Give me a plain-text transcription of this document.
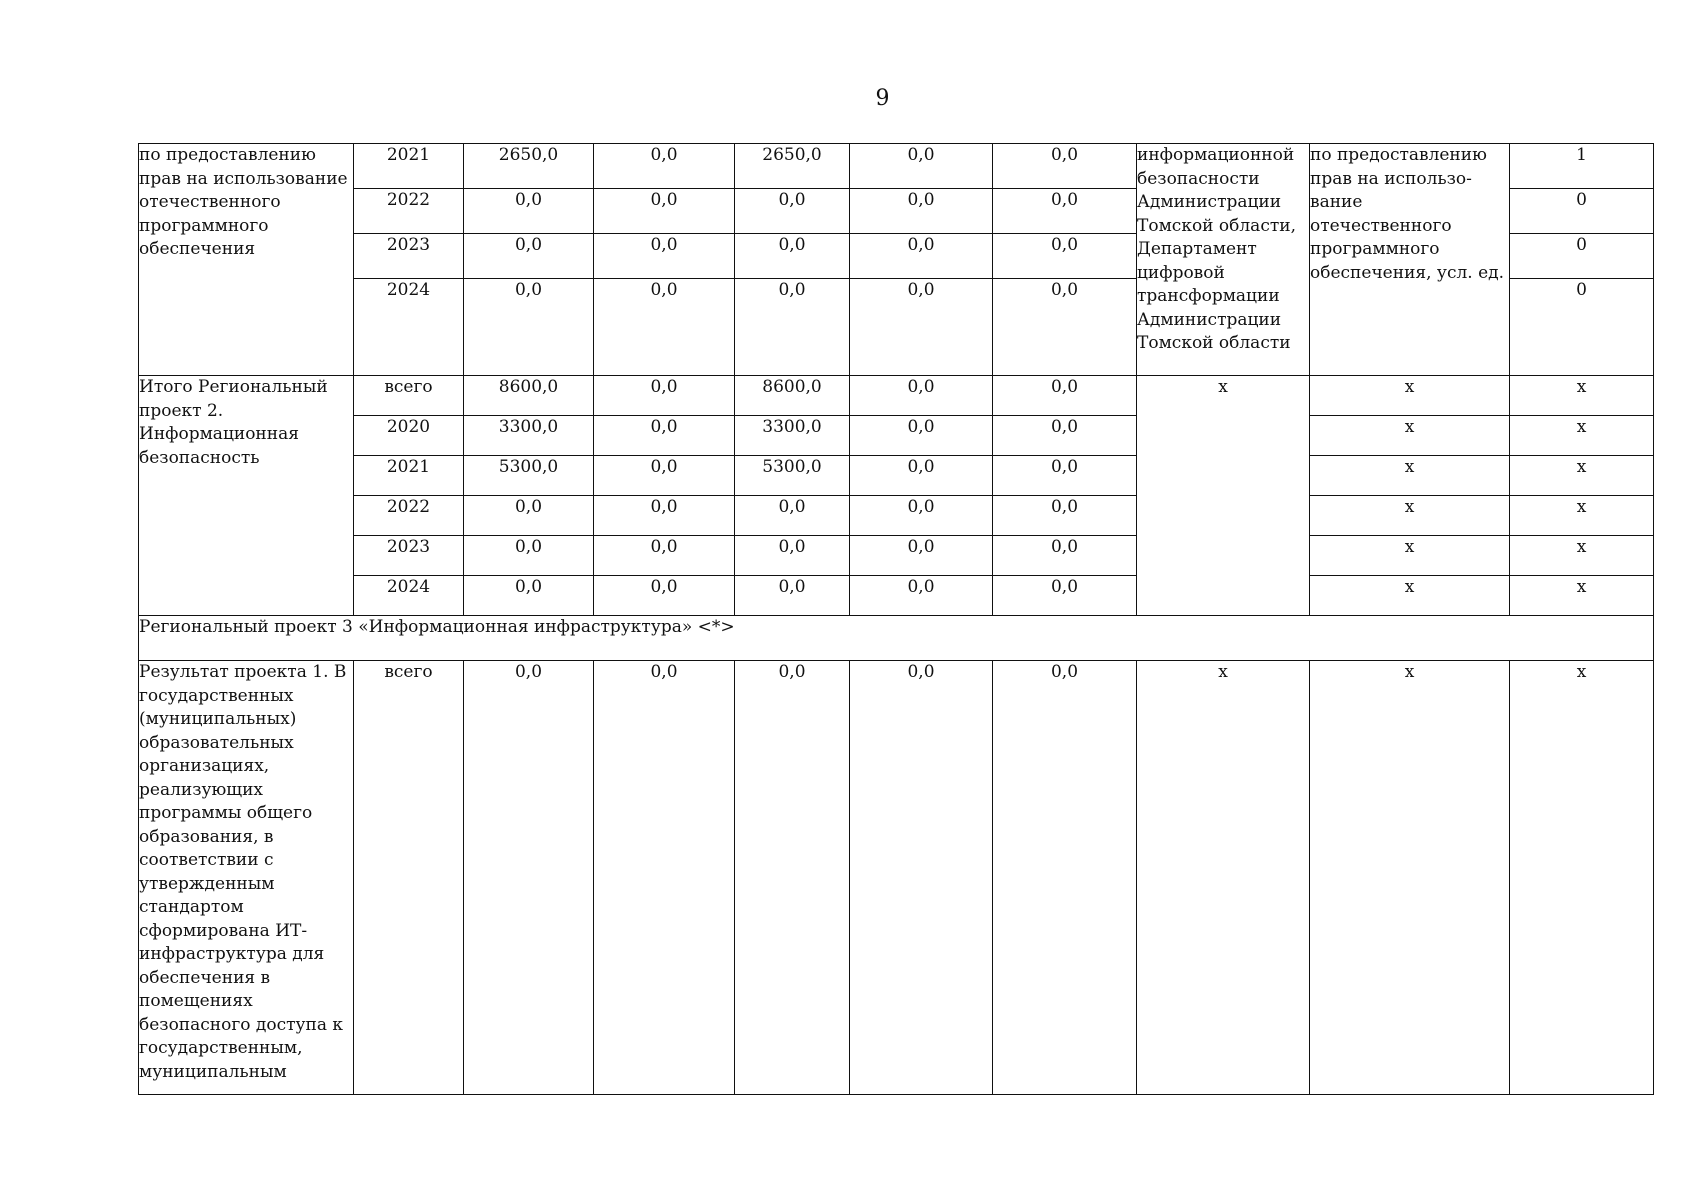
9
по предоставлению прав на использование отечественного программного обеспечения	2021	2650,0	0,0	2650,0	0,0	0,0	информационной безопасности Администрации Томской области, Департамент цифровой трансформации Администрации Томской области	по предоставлению прав на использо-вание отечественного программного обеспечения, усл. ед.	1
	2022	0,0	0,0	0,0	0,0	0,0			0
	2023	0,0	0,0	0,0	0,0	0,0			0
	2024	0,0	0,0	0,0	0,0	0,0			0
Итого Региональный проект 2. Информационная безопасность	всего	8600,0	0,0	8600,0	0,0	0,0	х	х	х
	2020	3300,0	0,0	3300,0	0,0	0,0		х	х
	2021	5300,0	0,0	5300,0	0,0	0,0		х	х
	2022	0,0	0,0	0,0	0,0	0,0		х	х
	2023	0,0	0,0	0,0	0,0	0,0		х	х
	2024	0,0	0,0	0,0	0,0	0,0		х	х
Региональный проект 3 «Информационная инфраструктура» <*>									
Результат проекта 1. В государственных (муниципальных) образовательных организациях, реализующих программы общего образования, в соответствии с утвержденным стандартом сформирована ИТ-инфраструктура для обеспечения в помещениях безопасного доступа к государственным, муниципальным	всего	0,0	0,0	0,0	0,0	0,0	х	х	х
